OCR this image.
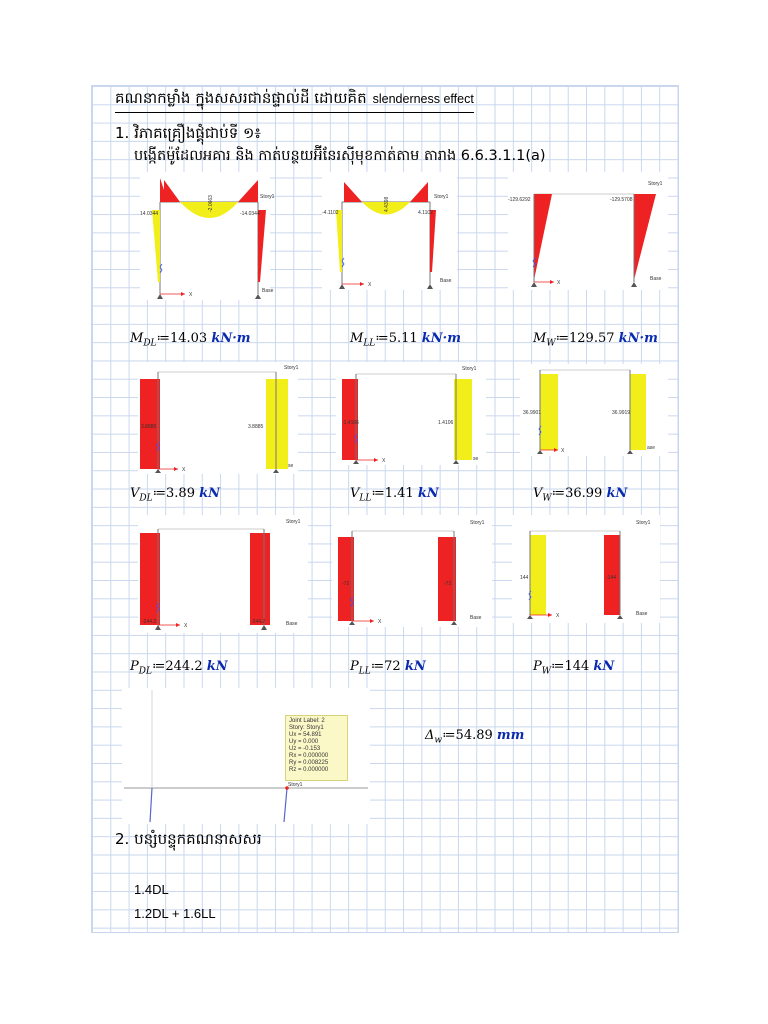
គណនាកម្លាំង ក្នុងសសរជាន់ផ្ទាល់ដី ដោយគិត slenderness effect
1. វិភាគគ្រឿងផ្គុំជាប់ទី ១៖
បង្កើតម៉ូដែលអគារ និង កាត់បន្ថយអ៊ីនែរស៊ីមុខកាត់តាម តារាង 6.6.3.1.1(a)
X
14.0344	-14.0344
-2.0663	Story1
Base
X
-4.1102	4.1102
4.4398	Story1
Base	X
-129.6292	-129.5708
Story1
Base
$M_{DL}≔14.03$ kN·m	$M_{LL}≔5.11$ kN·m	$M_W≔129.57$ kN·m
X
3.8885	3.8885
Story1
se
X
-1.4106	1.4106
Story1
se
X
36.9901	36.9919
ase
$V_{DL}≔3.89$ kN	$V_{LL}≔1.41$ kN	$V_W≔36.99$ kN
X
-244.2	-244.2
Story1
Base	X
-72	-72
Story1
Base	X
144	-144
Story1
Base
$P_{DL}≔244.2$ kN	$P_{LL}≔72$ kN	$P_W≔144$ kN
Story1
Joint Label: 2
Story: Story1
Ux = 54.891
Uy = 0.000
Uz = -0.153
Rx = 0.000000
Ry = 0.008225
Rz = 0.000000
$\Delta_w≔54.89$ mm
2. បន្សំបន្ទុកគណនាសសរ
1.4DL
1.2DL + 1.6LL
